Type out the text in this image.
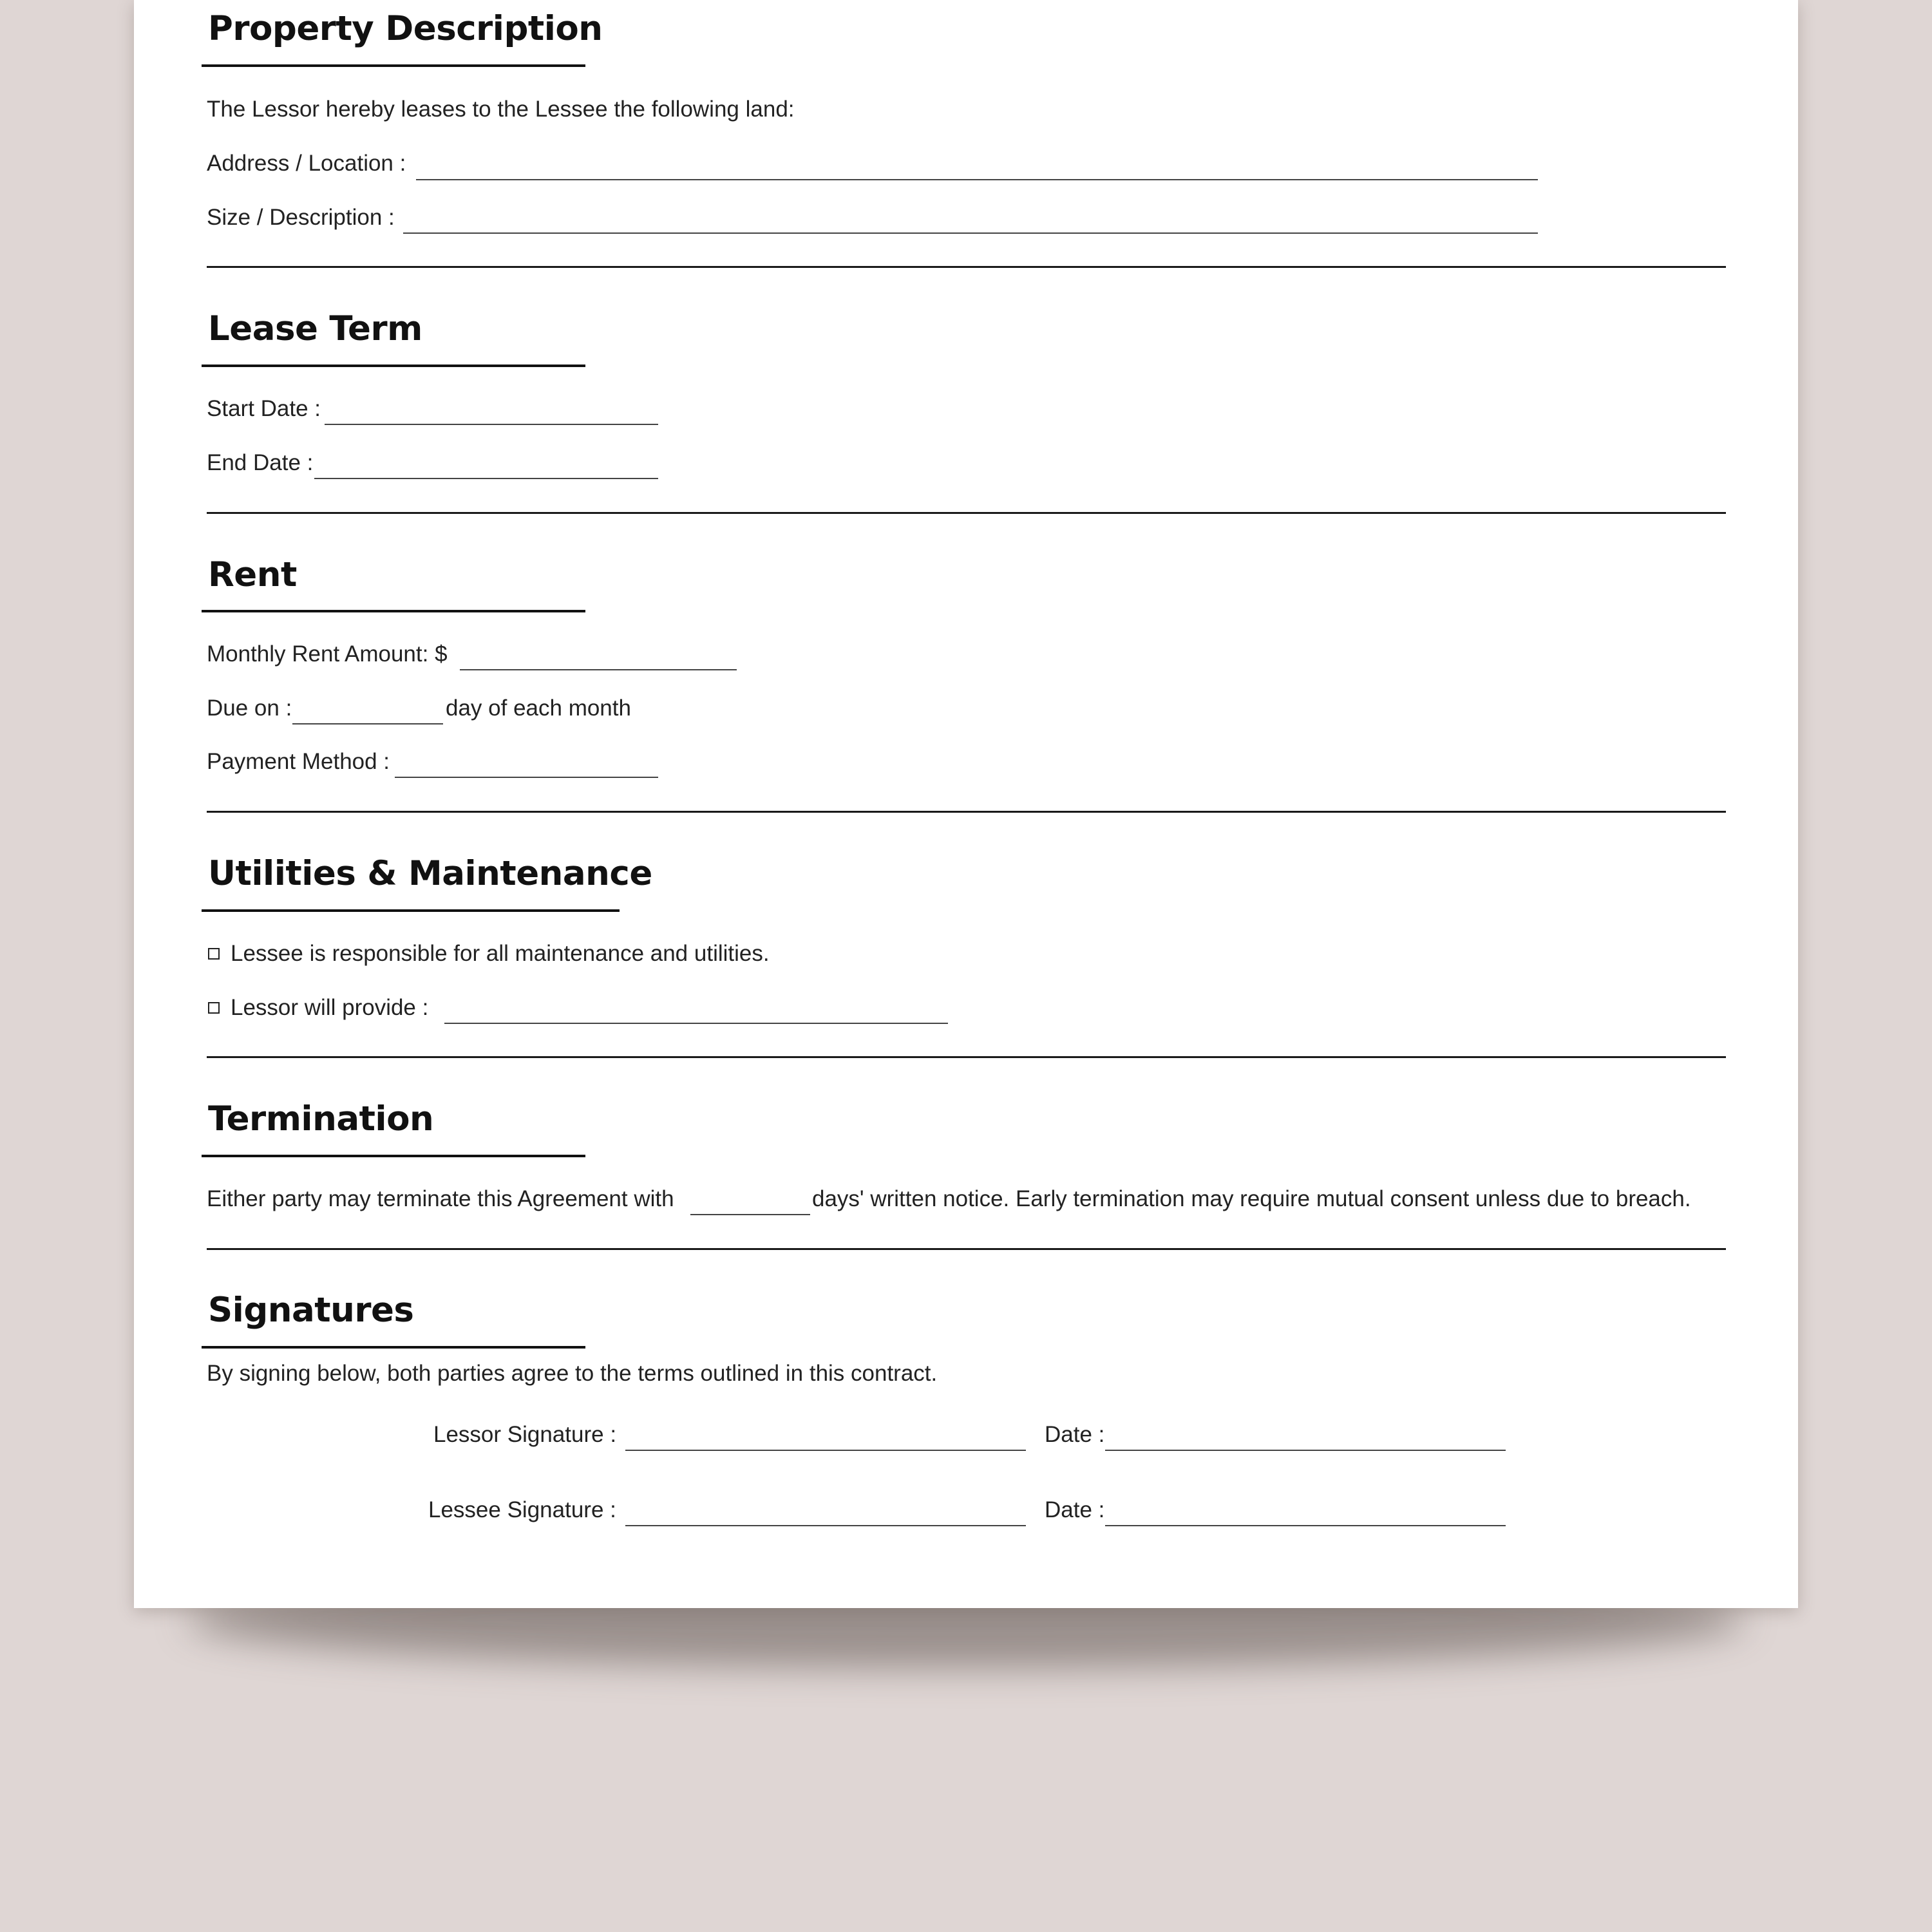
Property Description
The Lessor hereby leases to the Lessee the following land:
Address / Location :
Size / Description :
Lease Term
Start Date :
End Date :
Rent
Monthly Rent Amount: $
Due on :	day of each month
Payment Method :
Utilities & Maintenance
Lessee is responsible for all maintenance and utilities.
Lessor will provide :
Termination
Either party may terminate this Agreement with	days' written notice. Early termination may require mutual consent unless due to breach.
Signatures
By signing below, both parties agree to the terms outlined in this contract.
Lessor Signature :	Date :
Lessee Signature :	Date :
